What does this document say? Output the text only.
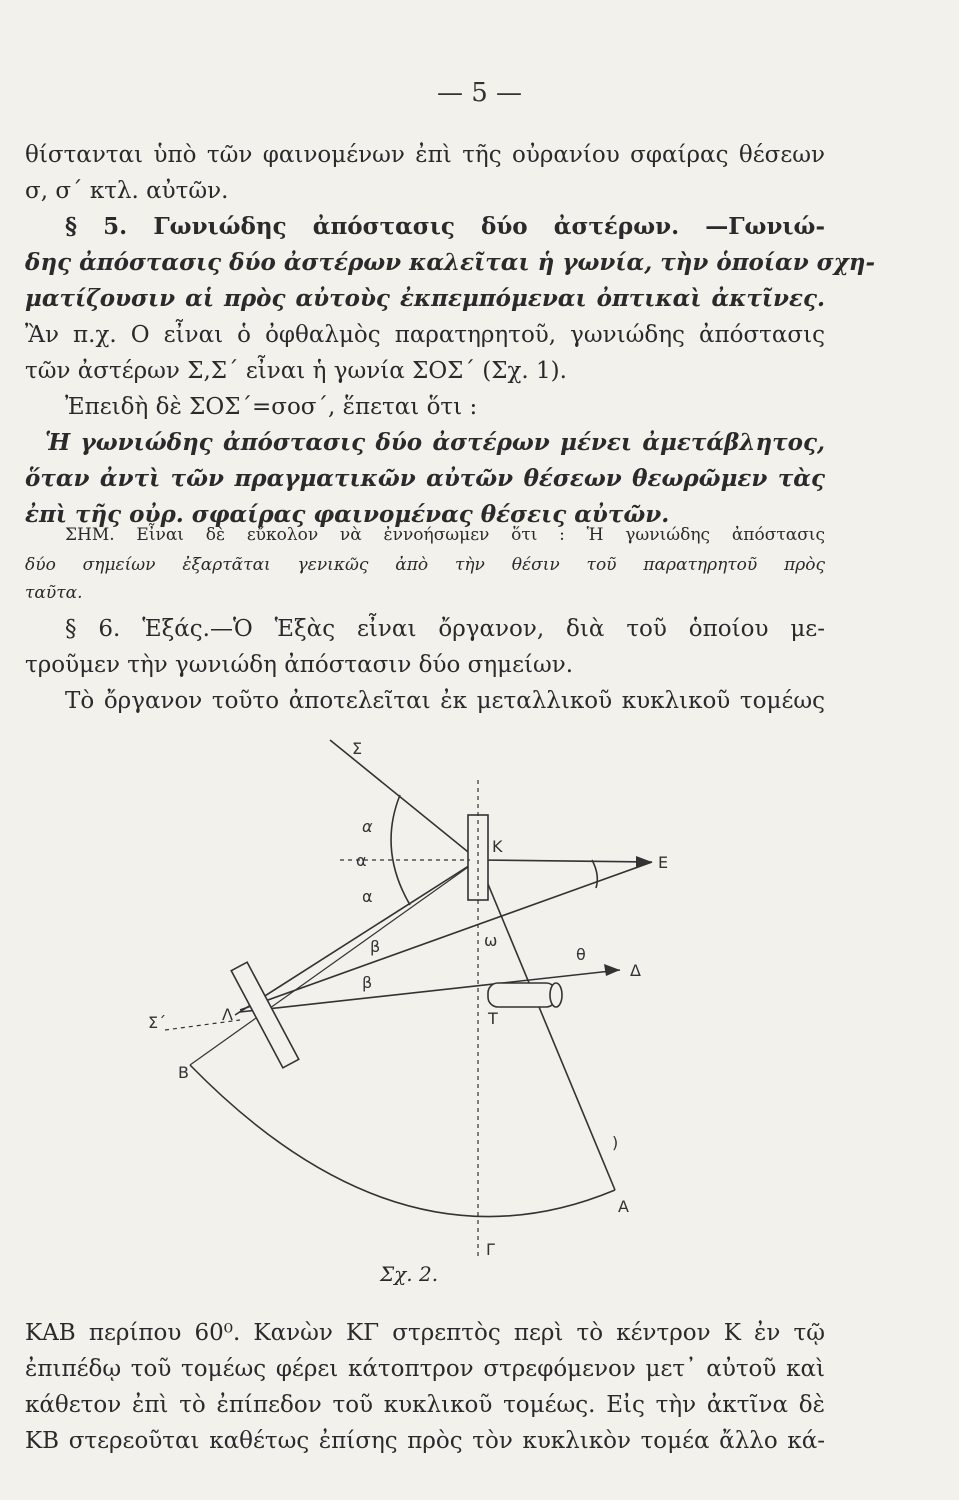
— 5 —
θίστανται ὑπὸ τῶν φαινομένων ἐπὶ τῆς οὐρανίου σφαίρας θέσεων
σ, σ΄ κτλ. αὐτῶν.
§ 5. Γωνιώδης ἀπόστασις δύο ἀστέρων. —Γωνιώ-
δης ἀπόστασις δύο ἀστέρων καλεῖται ἡ γωνία, τὴν ὁποίαν σχη-
ματίζουσιν αἱ πρὸς αὐτοὺς ἐκπεμπόμεναι ὀπτικαὶ ἀκτῖνες.
Ἂν π.χ. Ο εἶναι ὁ ὀφθαλμὸς παρατηρητοῦ, γωνιώδης ἀπόστασις
τῶν ἀστέρων Σ,Σ΄ εἶναι ἡ γωνία ΣΟΣ΄ (Σχ. 1).
Ἐπειδὴ δὲ ΣΟΣ΄=σοσ΄, ἕπεται ὅτι :
Ἡ γωνιώδης ἀπόστασις δύο ἀστέρων μένει ἀμετάβλητος,
ὅταν ἀντὶ τῶν πραγματικῶν αὐτῶν θέσεων θεωρῶμεν τὰς
ἐπὶ τῆς οὐρ. σφαίρας φαινομένας θέσεις αὐτῶν.
ΣΗΜ. Εἶναι δὲ εὔκολον νὰ ἐννοήσωμεν ὅτι : Ἡ γωνιώδης ἀπόστασις
δύο σημείων ἐξαρτᾶται γενικῶς ἀπὸ τὴν θέσιν τοῦ παρατηρητοῦ πρὸς
ταῦτα.
§ 6. Ἑξάς.—Ὁ Ἑξὰς εἶναι ὄργανον, διὰ τοῦ ὁποίου με-
τροῦμεν τὴν γωνιώδη ἀπόστασιν δύο σημείων.
Τὸ ὄργανον τοῦτο ἀποτελεῖται ἐκ μεταλλικοῦ κυκλικοῦ τομέως
Σ
Κ
Ε
Δ
Λ
Σ΄
Β
Α
Γ
Τ
α
α
α
β
β
θ
ω
)
Σχ. 2.
ΚΑΒ περίπου 60⁰. Κανὼν ΚΓ στρεπτὸς περὶ τὸ κέντρον Κ ἐν τῷ
ἐπιπέδῳ τοῦ τομέως φέρει κάτοπτρον στρεφόμενον μετ᾽ αὐτοῦ καὶ
κάθετον ἐπὶ τὸ ἐπίπεδον τοῦ κυκλικοῦ τομέως. Εἰς τὴν ἀκτῖνα δὲ
ΚΒ στερεοῦται καθέτως ἐπίσης πρὸς τὸν κυκλικὸν τομέα ἄλλο κά-
